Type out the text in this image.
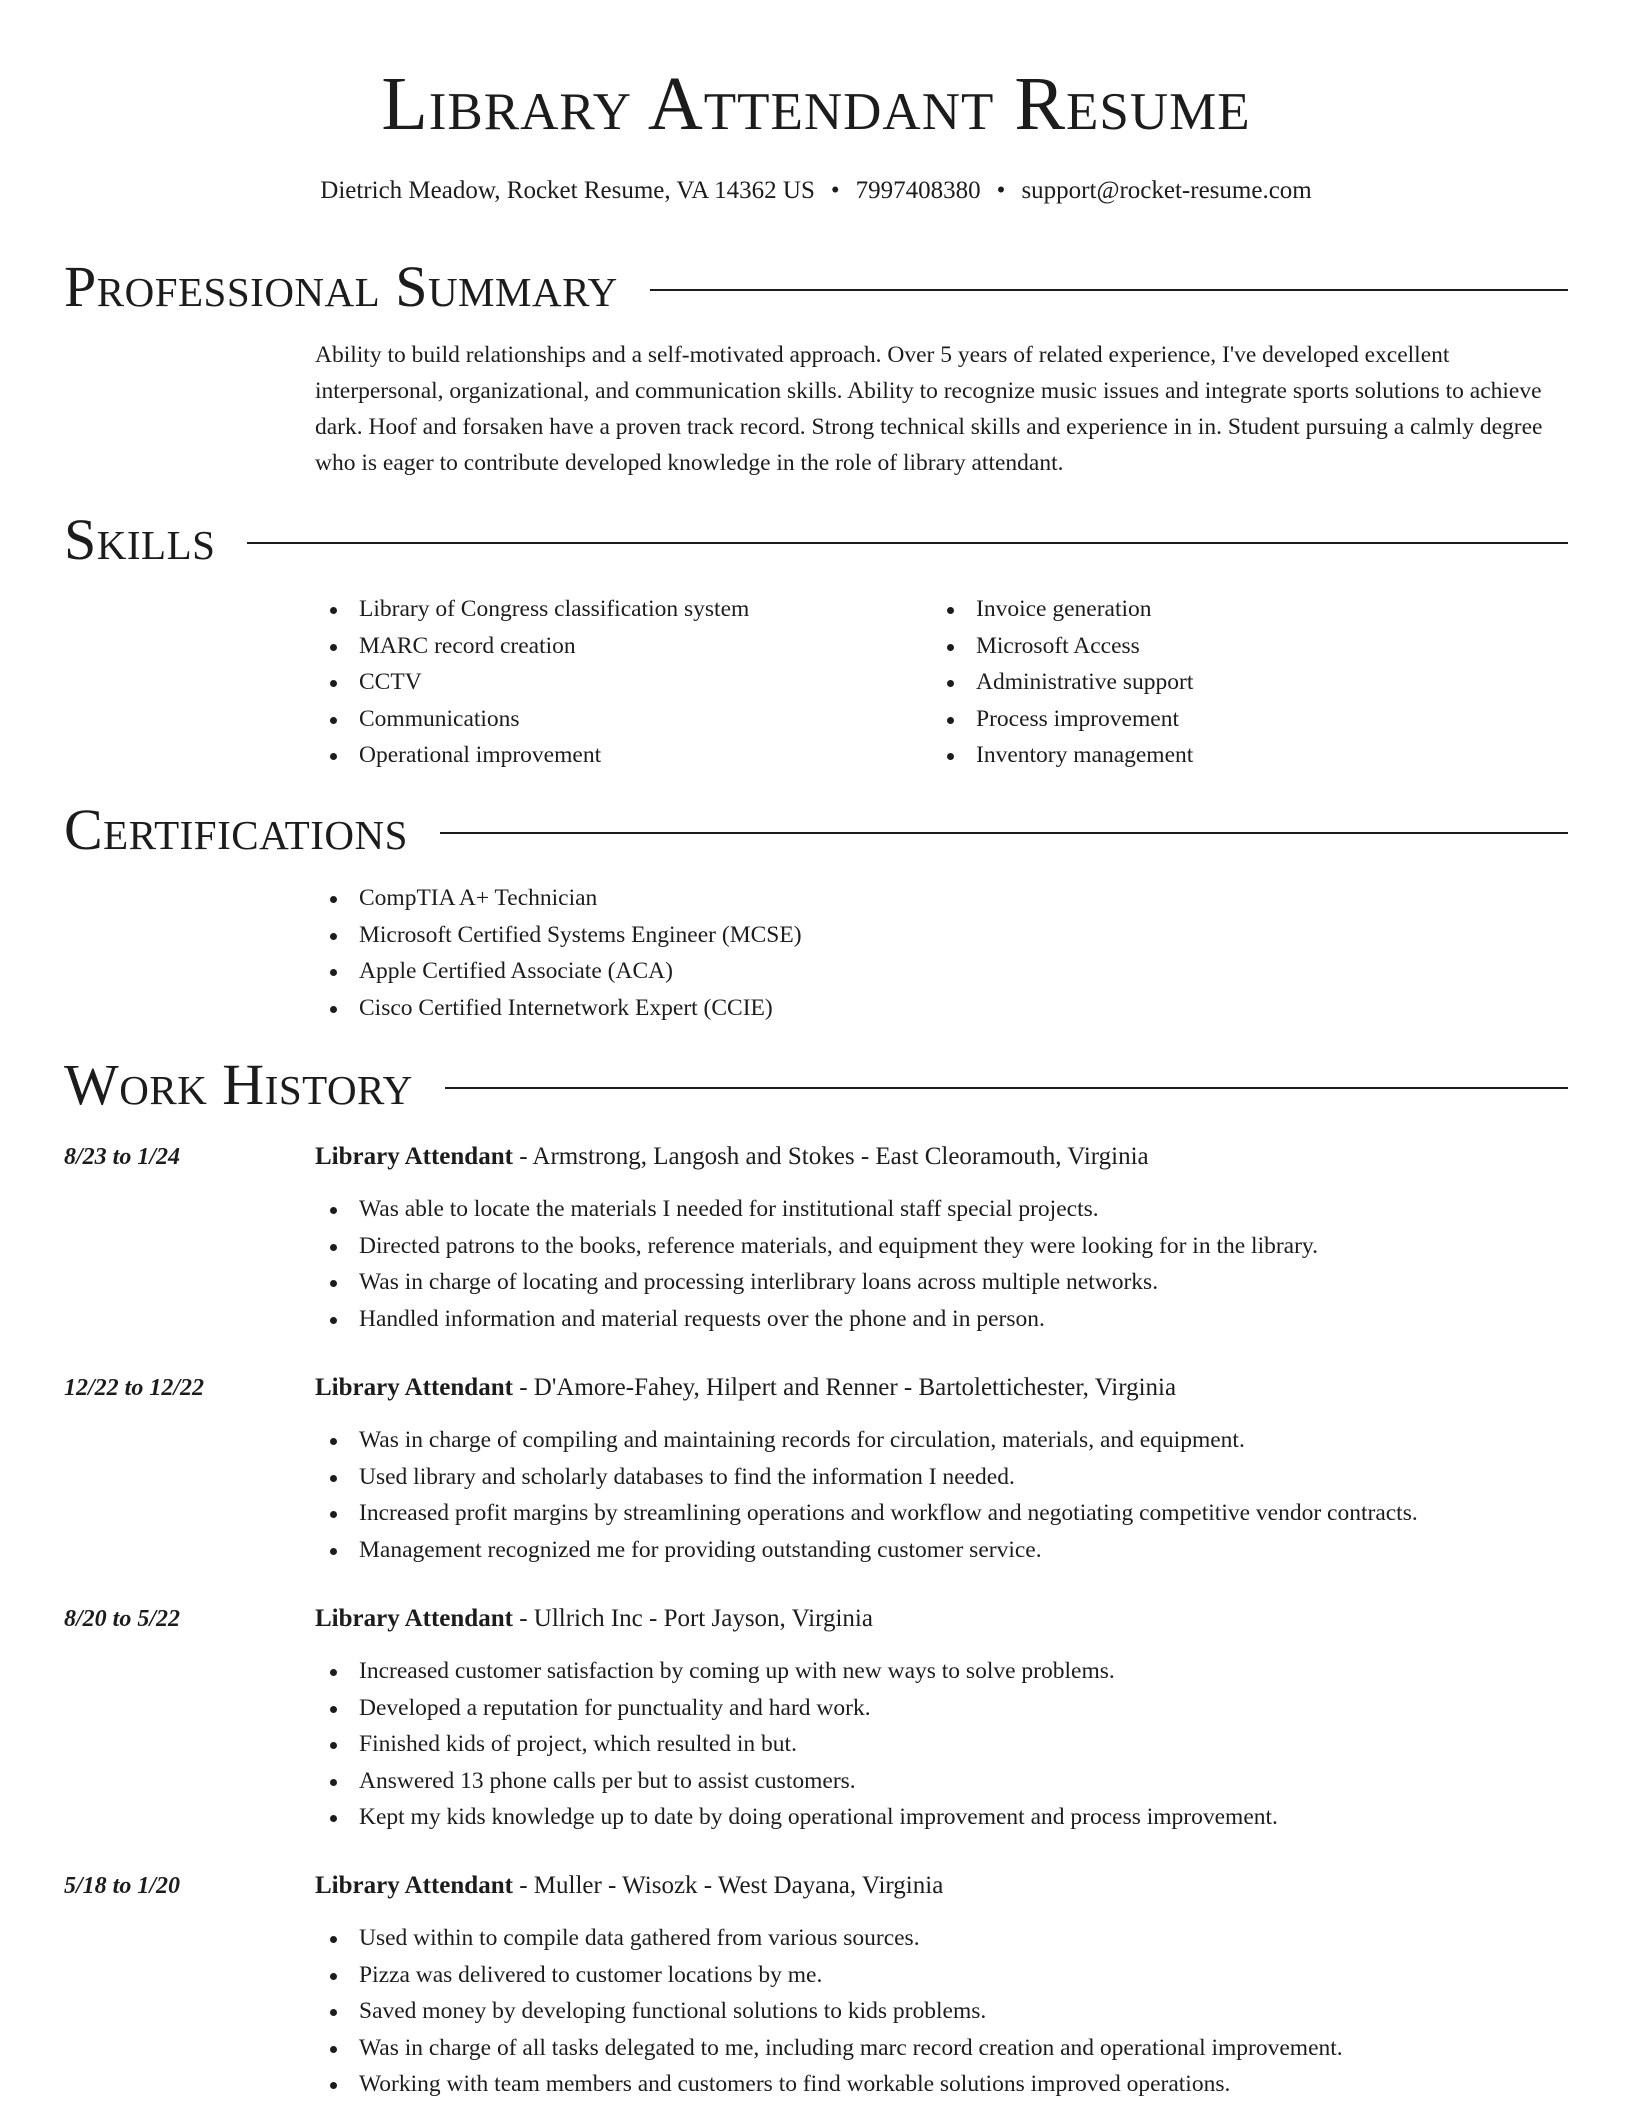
Library Attendant Resume
Dietrich Meadow, Rocket Resume, VA 14362 US • 7997408380 • support@rocket-resume.com
Professional Summary

Ability to build relationships and a self-motivated approach. Over 5 years of related experience, I've developed excellent interpersonal, organizational, and communication skills. Ability to recognize music issues and integrate sports solutions to achieve dark. Hoof and forsaken have a proven track record. Strong technical skills and experience in in. Student pursuing a calmly degree who is eager to contribute developed knowledge in the role of library attendant.

Skills
Library of Congress classification system
MARC record creation
CCTV
Communications
Operational improvement
Invoice generation
Microsoft Access
Administrative support
Process improvement
Inventory management
Certifications
CompTIA A+ Technician
Microsoft Certified Systems Engineer (MCSE)
Apple Certified Associate (ACA)
Cisco Certified Internetwork Expert (CCIE)
Work History
8/23 to 1/24	Library Attendant - Armstrong, Langosh and Stokes - East Cleoramouth, Virginia
Was able to locate the materials I needed for institutional staff special projects.
Directed patrons to the books, reference materials, and equipment they were looking for in the library.
Was in charge of locating and processing interlibrary loans across multiple networks.
Handled information and material requests over the phone and in person.
12/22 to 12/22	Library Attendant - D'Amore-Fahey, Hilpert and Renner - Bartolettichester, Virginia
Was in charge of compiling and maintaining records for circulation, materials, and equipment.
Used library and scholarly databases to find the information I needed.
Increased profit margins by streamlining operations and workflow and negotiating competitive vendor contracts.
Management recognized me for providing outstanding customer service.
8/20 to 5/22	Library Attendant - Ullrich Inc - Port Jayson, Virginia
Increased customer satisfaction by coming up with new ways to solve problems.
Developed a reputation for punctuality and hard work.
Finished kids of project, which resulted in but.
Answered 13 phone calls per but to assist customers.
Kept my kids knowledge up to date by doing operational improvement and process improvement.
5/18 to 1/20	Library Attendant - Muller - Wisozk - West Dayana, Virginia
Used within to compile data gathered from various sources.
Pizza was delivered to customer locations by me.
Saved money by developing functional solutions to kids problems.
Was in charge of all tasks delegated to me, including marc record creation and operational improvement.
Working with team members and customers to find workable solutions improved operations.
